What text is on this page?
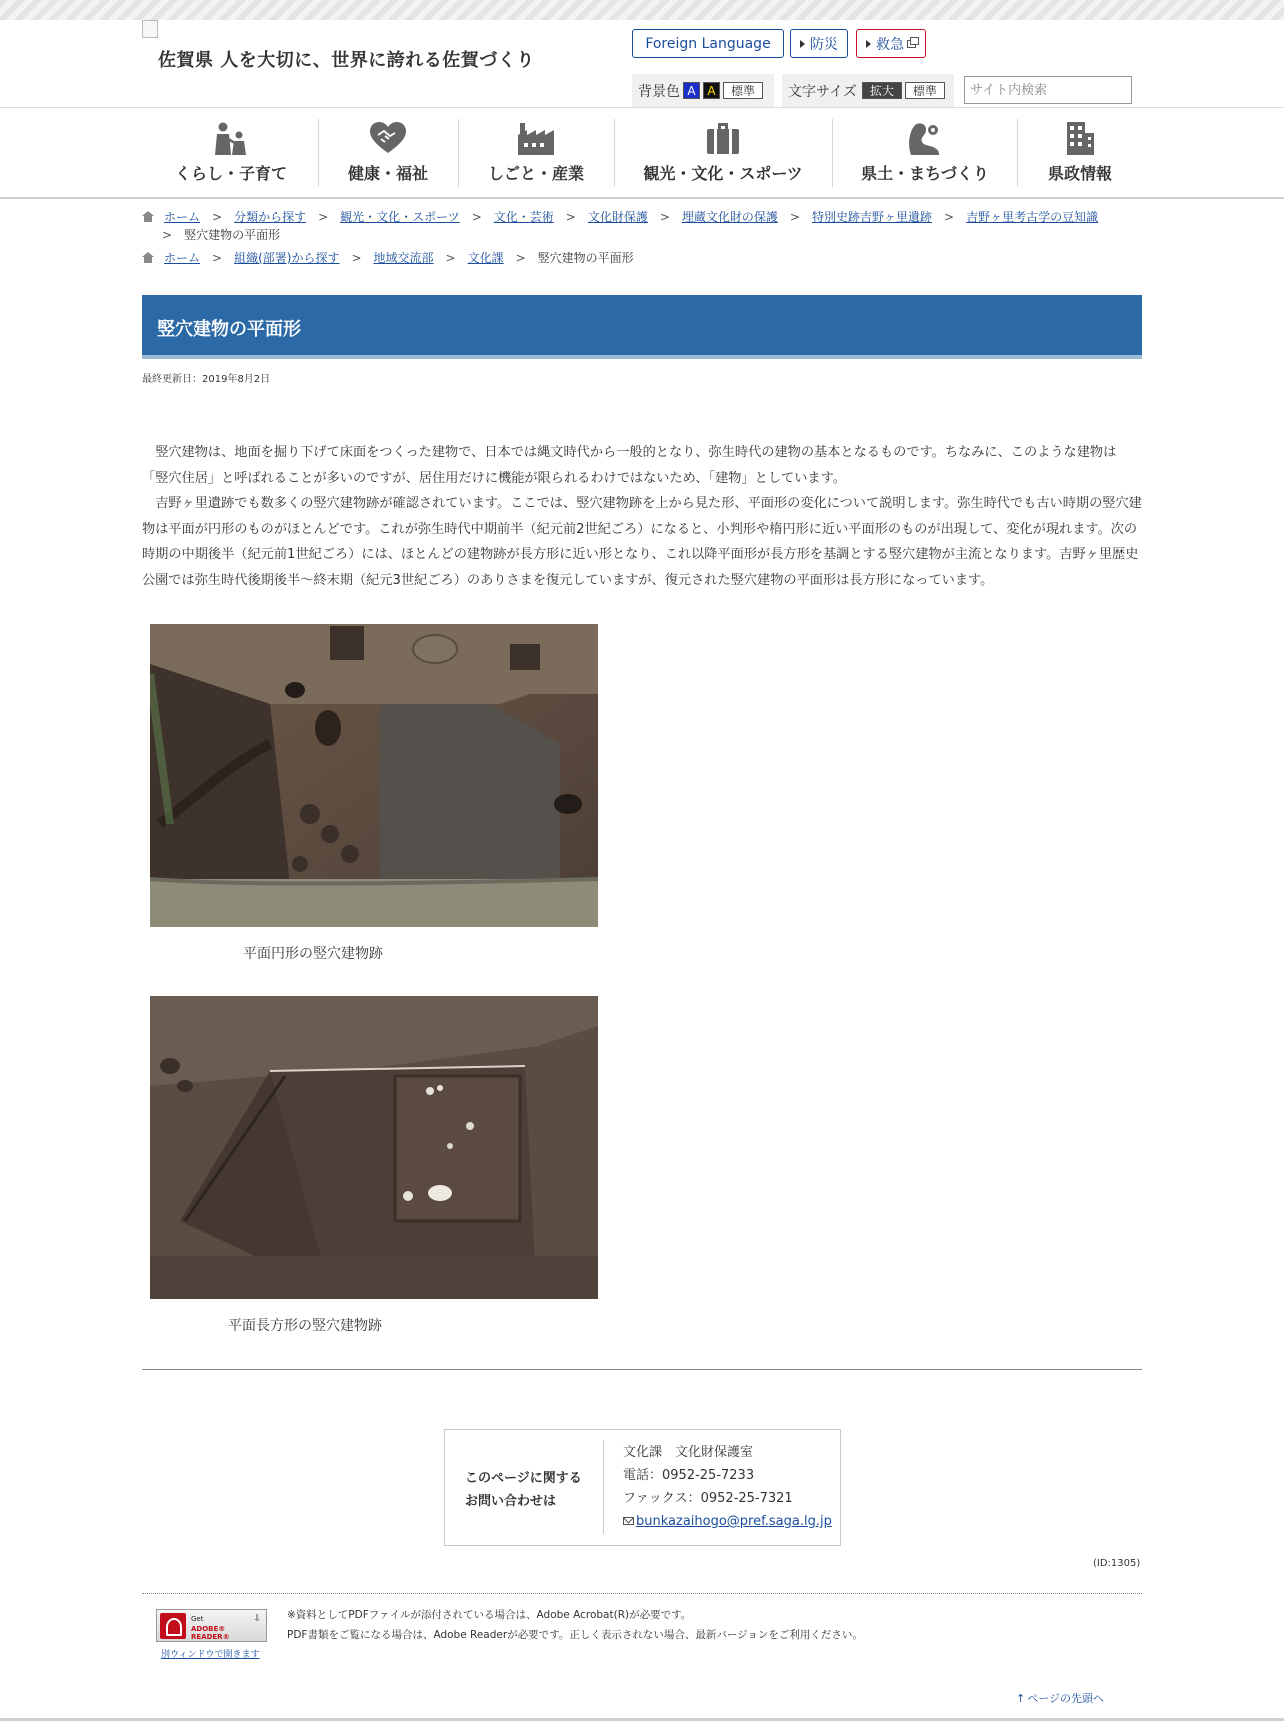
佐賀県 人を大切に、世界に誇れる佐賀づくり
Foreign Language	防災	救急
背景色 A A	標準	文字サイズ	拡大	標準
サイト内検索
くらし・子育て	健康・福祉	しごと・産業	観光・文化・スポーツ	県土・まちづくり	県政情報
ホーム > 分類から探す > 観光・文化・スポーツ > 文化・芸術 > 文化財保護 > 埋蔵文化財の保護 > 特別史跡吉野ヶ里遺跡 > 吉野ヶ里考古学の豆知識
> 竪穴建物の平面形
ホーム > 組織(部署)から探す > 地域交流部 > 文化課 > 竪穴建物の平面形
竪穴建物の平面形
最終更新日：2019年8月2日

竪穴建物は、地面を掘り下げて床面をつくった建物で、日本では縄文時代から一般的となり、弥生時代の建物の基本となるものです。ちなみに、このような建物は「竪穴住居」と呼ばれることが多いのですが、居住用だけに機能が限られるわけではないため、「建物」としています。

吉野ヶ里遺跡でも数多くの竪穴建物跡が確認されています。ここでは、竪穴建物跡を上から見た形、平面形の変化について説明します。弥生時代でも古い時期の竪穴建物は平面が円形のものがほとんどです。これが弥生時代中期前半（紀元前2世紀ごろ）になると、小判形や楕円形に近い平面形のものが出現して、変化が現れます。次の時期の中期後半（紀元前1世紀ごろ）には、ほとんどの建物跡が長方形に近い形となり、これ以降平面形が長方形を基調とする竪穴建物が主流となります。吉野ヶ里歴史公園では弥生時代後期後半～終末期（紀元3世紀ごろ）のありさまを復元していますが、復元された竪穴建物の平面形は長方形になっています。

平面円形の竪穴建物跡
平面長方形の竪穴建物跡
このページに関する
お問い合わせは
文化課　文化財保護室
電話：0952-25-7233
ファックス：0952-25-7321
bunkazaihogo@pref.saga.lg.jp
(ID:1305)
Get
ADOBE® READER®
⇩
別ウィンドウで開きます
※資料としてPDFファイルが添付されている場合は、Adobe Acrobat(R)が必要です。
PDF書類をご覧になる場合は、Adobe Readerが必要です。正しく表示されない場合、最新バージョンをご利用ください。
↑ ページの先頭へ
